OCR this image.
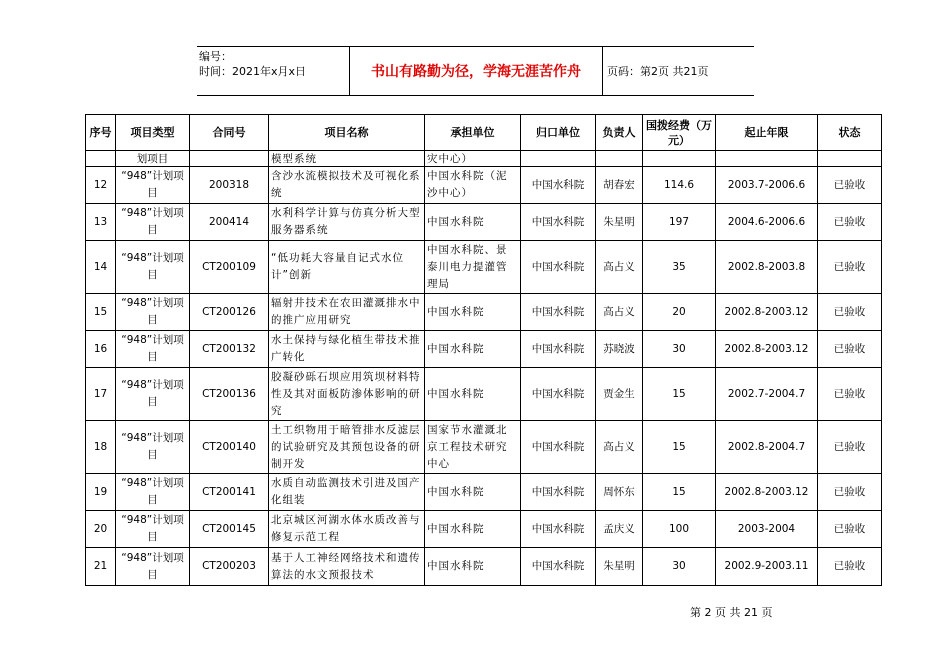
编号：
时间：2021年x月x日	书山有路勤为径，学海无涯苦作舟	页码：第2页 共21页
序号	项目类型	合同号	项目名称	承担单位	归口单位	负责人	国拨经费（万元）	起止年限	状态
	划项目		模型系统	灾中心）					
12	“948”计划项目	200318	含沙水流模拟技术及可视化系统	中国水科院（泥沙中心）	中国水科院	胡春宏	114.6	2003.7-2006.6	已验收
13	“948”计划项目	200414	水利科学计算与仿真分析大型服务器系统	中国水科院	中国水科院	朱星明	197	2004.6-2006.6	已验收
14	“948”计划项目	CT200109	“低功耗大容量自记式水位计”创新	中国水科院、景泰川电力提灌管理局	中国水科院	高占义	35	2002.8-2003.8	已验收
15	“948”计划项目	CT200126	辐射井技术在农田灌溉排水中的推广应用研究	中国水科院	中国水科院	高占义	20	2002.8-2003.12	已验收
16	“948”计划项目	CT200132	水土保持与绿化植生带技术推广转化	中国水科院	中国水科院	苏晓波	30	2002.8-2003.12	已验收
17	“948”计划项目	CT200136	胶凝砂砾石坝应用筑坝材料特性及其对面板防渗体影响的研究	中国水科院	中国水科院	贾金生	15	2002.7-2004.7	已验收
18	“948”计划项目	CT200140	土工织物用于暗管排水反滤层的试验研究及其预包设备的研制开发	国家节水灌溉北京工程技术研究中心	中国水科院	高占义	15	2002.8-2004.7	已验收
19	“948”计划项目	CT200141	水质自动监测技术引进及国产化组装	中国水科院	中国水科院	周怀东	15	2002.8-2003.12	已验收
20	“948”计划项目	CT200145	北京城区河湖水体水质改善与修复示范工程	中国水科院	中国水科院	孟庆义	100	2003-2004	已验收
21	“948”计划项目	CT200203	基于人工神经网络技术和遗传算法的水文预报技术	中国水科院	中国水科院	朱星明	30	2002.9-2003.11	已验收
第 2 页 共 21 页
